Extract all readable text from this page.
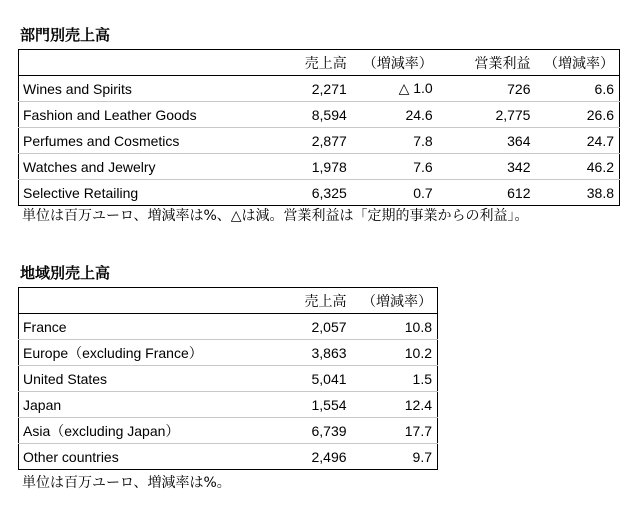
部門別売上高
	売上高	（増減率）	営業利益	（増減率）
Wines and Spirits	2,271	△ 1.0	726	6.6
Fashion and Leather Goods	8,594	24.6	2,775	26.6
Perfumes and Cosmetics	2,877	7.8	364	24.7
Watches and Jewelry	1,978	7.6	342	46.2
Selective Retailing	6,325	0.7	612	38.8
単位は百万ユーロ、増減率は%、△は減。営業利益は「定期的事業からの利益」。
地域別売上高
	売上高	（増減率）
France	2,057	10.8
Europe（excluding France）	3,863	10.2
United States	5,041	1.5
Japan	1,554	12.4
Asia（excluding Japan）	6,739	17.7
Other countries	2,496	9.7
単位は百万ユーロ、増減率は%。
